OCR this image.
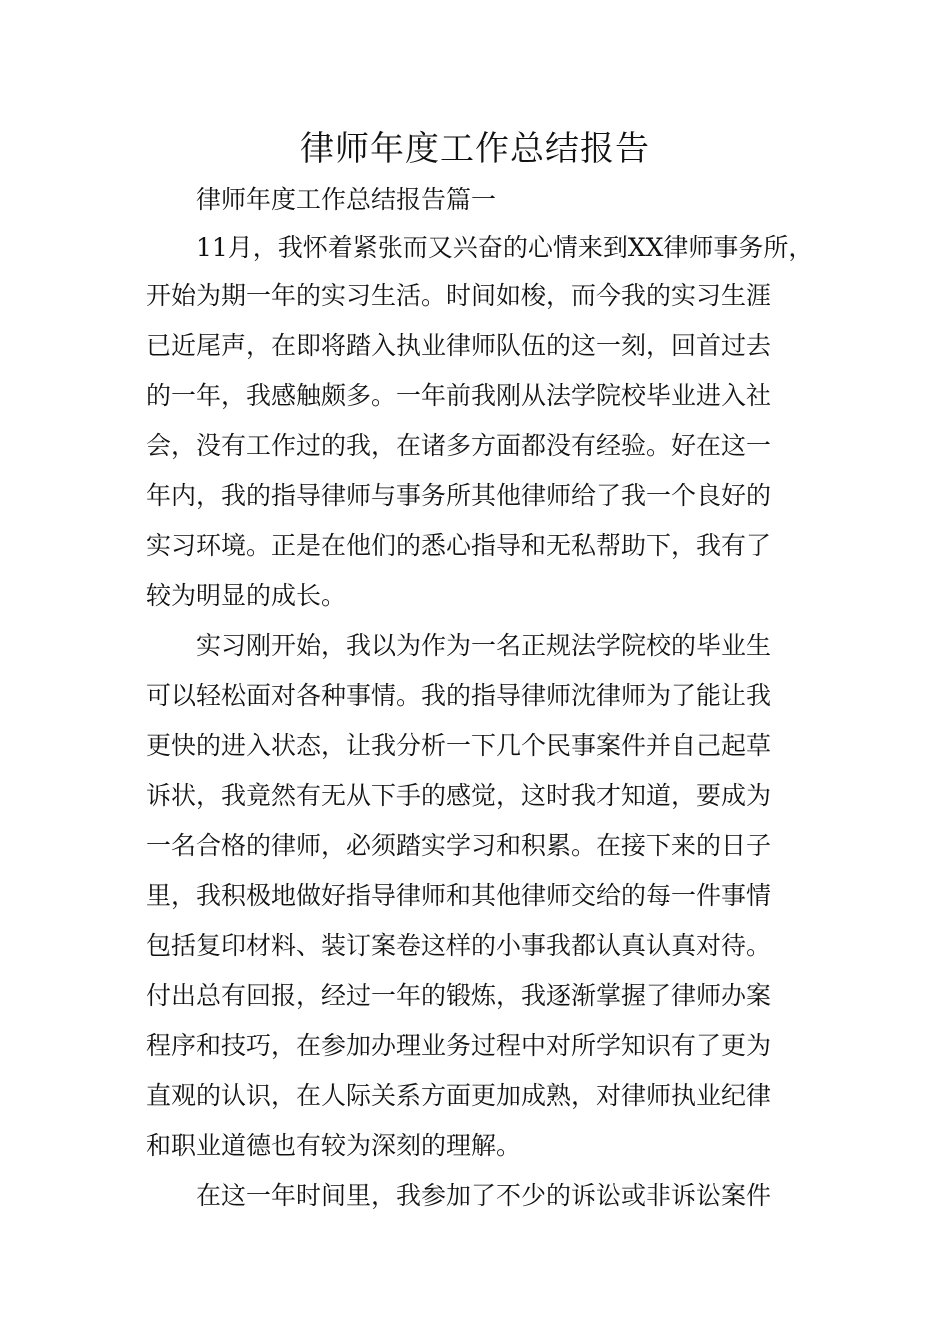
律师年度工作总结报告

律师年度工作总结报告篇一

11月，我怀着紧张而又兴奋的心情来到XX律师事务所，

开始为期一年的实习生活。时间如梭，而今我的实习生涯

已近尾声，在即将踏入执业律师队伍的这一刻，回首过去

的一年，我感触颇多。一年前我刚从法学院校毕业进入社

会，没有工作过的我，在诸多方面都没有经验。好在这一

年内，我的指导律师与事务所其他律师给了我一个良好的

实习环境。正是在他们的悉心指导和无私帮助下，我有了

较为明显的成长。

实习刚开始，我以为作为一名正规法学院校的毕业生

可以轻松面对各种事情。我的指导律师沈律师为了能让我

更快的进入状态，让我分析一下几个民事案件并自己起草

诉状，我竟然有无从下手的感觉，这时我才知道，要成为

一名合格的律师，必须踏实学习和积累。在接下来的日子

里，我积极地做好指导律师和其他律师交给的每一件事情

包括复印材料、装订案卷这样的小事我都认真认真对待。

付出总有回报，经过一年的锻炼，我逐渐掌握了律师办案

程序和技巧，在参加办理业务过程中对所学知识有了更为

直观的认识，在人际关系方面更加成熟，对律师执业纪律

和职业道德也有较为深刻的理解。

在这一年时间里，我参加了不少的诉讼或非诉讼案件
